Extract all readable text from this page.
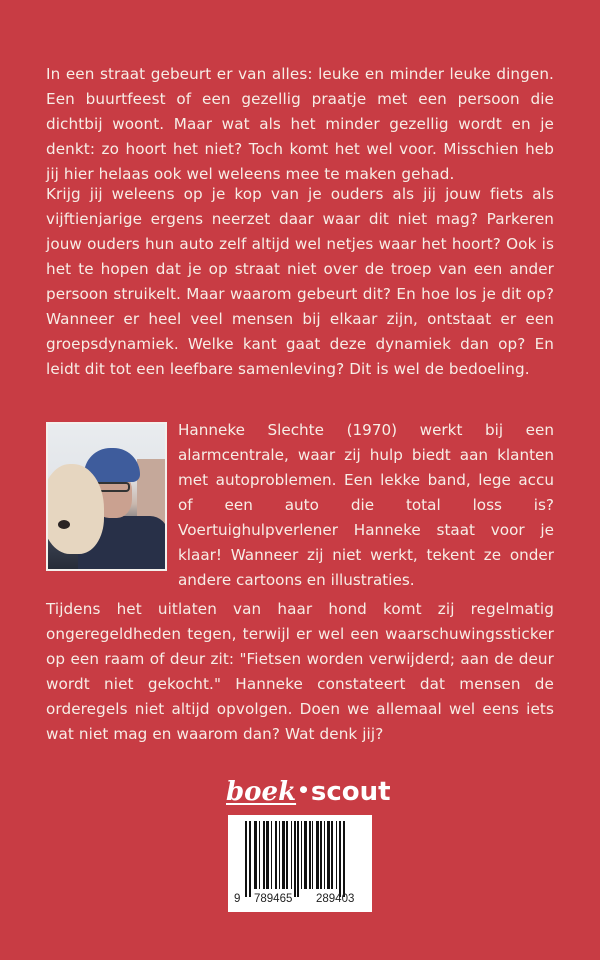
In een straat gebeurt er van alles: leuke en minder leuke dingen. Een buurtfeest of een gezellig praatje met een persoon die dichtbij woont. Maar wat als het minder gezellig wordt en je denkt: zo hoort het niet? Toch komt het wel voor. Misschien heb jij hier helaas ook wel weleens mee te maken gehad.

Krijg jij weleens op je kop van je ouders als jij jouw fiets als vijftienjarige ergens neerzet daar waar dit niet mag? Parkeren jouw ouders hun auto zelf altijd wel netjes waar het hoort? Ook is het te hopen dat je op straat niet over de troep van een ander persoon struikelt. Maar waarom gebeurt dit? En hoe los je dit op? Wanneer er heel veel mensen bij elkaar zijn, ontstaat er een groepsdynamiek. Welke kant gaat deze dynamiek dan op? En leidt dit tot een leefbare samenleving? Dit is wel de bedoeling.

Hanneke Slechte (1970) werkt bij een alarmcentrale, waar zij hulp biedt aan klanten met autoproblemen. Een lekke band, lege accu of een auto die total loss is? Voertuighulpverlener Hanneke staat voor je klaar! Wanneer zij niet werkt, tekent ze onder andere cartoons en illustraties.

Tijdens het uitlaten van haar hond komt zij regelmatig ongeregeldheden tegen, terwijl er wel een waarschuwingssticker op een raam of deur zit: "Fietsen worden verwijderd; aan de deur wordt niet gekocht." Hanneke constateert dat mensen de orderegels niet altijd opvolgen. Doen we allemaal wel eens iets wat niet mag en waarom dan? Wat denk jij?

boek•scout
9 789465 289403
